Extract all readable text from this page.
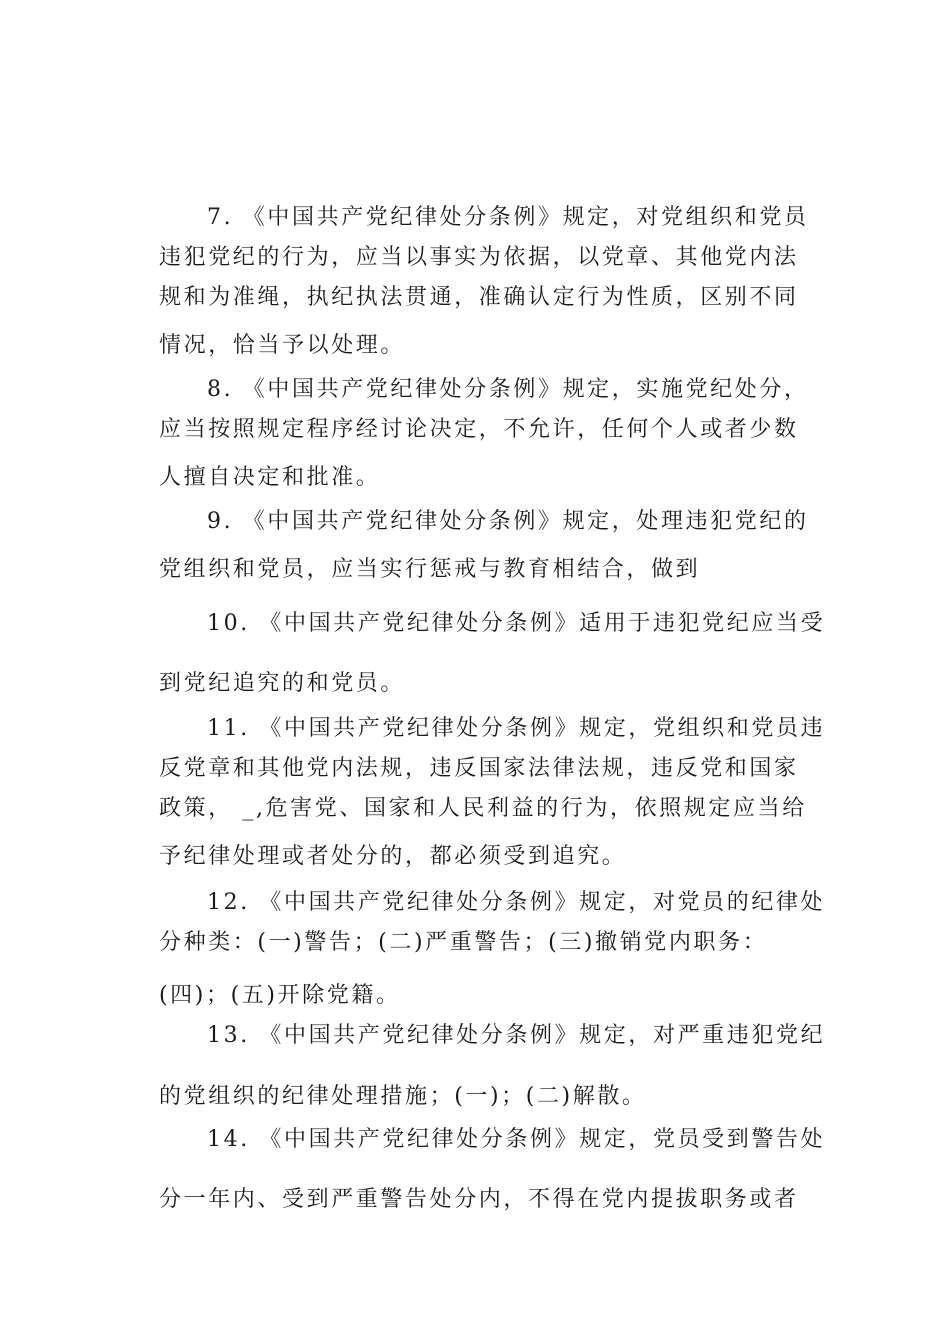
7. 《中国共产党纪律处分条例》规定，对党组织和党员
违犯党纪的行为，应当以事实为依据，以党章、其他党内法
规和为准绳，执纪执法贯通，准确认定行为性质，区别不同
情况，恰当予以处理。
8. 《中国共产党纪律处分条例》规定，实施党纪处分，
应当按照规定程序经讨论决定，不允许，任何个人或者少数
人擅自决定和批准。
9. 《中国共产党纪律处分条例》规定，处理违犯党纪的
党组织和党员，应当实行惩戒与教育相结合，做到
10. 《中国共产党纪律处分条例》适用于违犯党纪应当受
到党纪追究的和党员。
11. 《中国共产党纪律处分条例》规定，党组织和党员违
反党章和其他党内法规，违反国家法律法规，违反党和国家
政策， _,危害党、国家和人民利益的行为，依照规定应当给
予纪律处理或者处分的，都必须受到追究。
12. 《中国共产党纪律处分条例》规定，对党员的纪律处
分种类：(一)警告；(二)严重警告；(三)撤销党内职务：
(四)；(五)开除党籍。
13. 《中国共产党纪律处分条例》规定，对严重违犯党纪
的党组织的纪律处理措施；(一)；(二)解散。
14. 《中国共产党纪律处分条例》规定，党员受到警告处
分一年内、受到严重警告处分内，不得在党内提拔职务或者
